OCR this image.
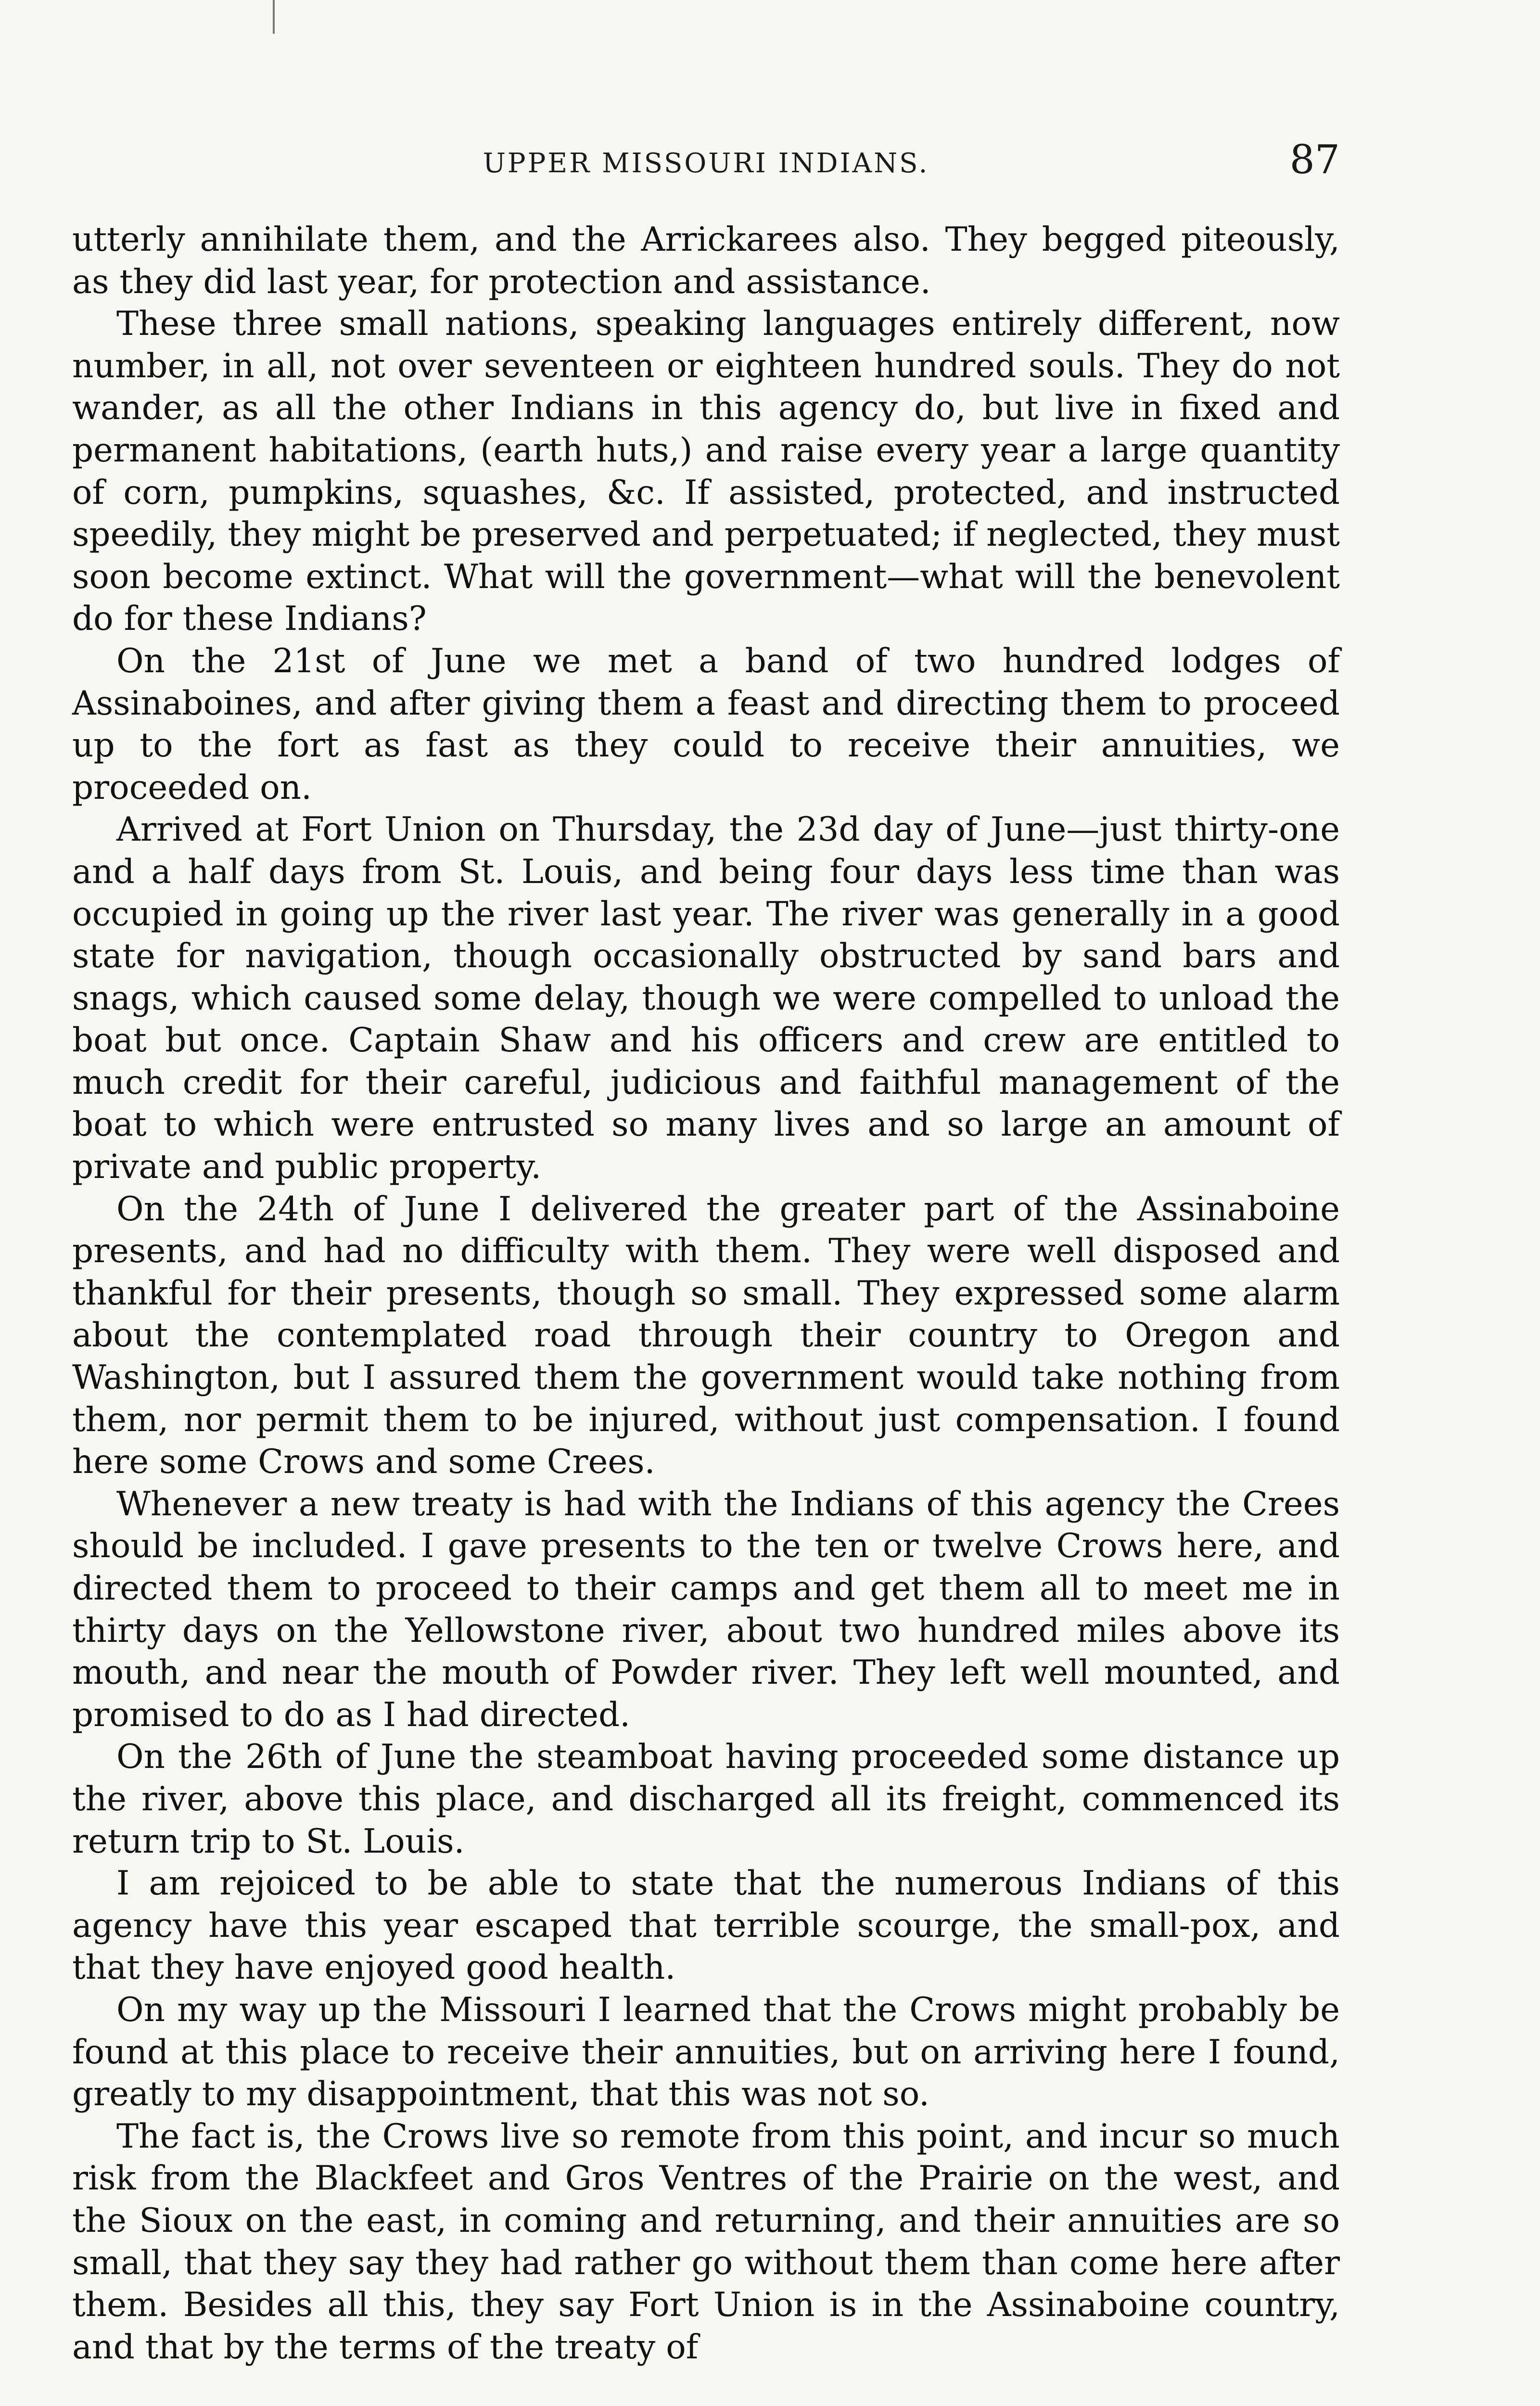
UPPER MISSOURI INDIANS.	87

utterly annihilate them, and the Arrickarees also. They begged piteously, as they did last year, for protection and assistance.

These three small nations, speaking languages entirely different, now number, in all, not over seventeen or eighteen hundred souls. They do not wander, as all the other Indians in this agency do, but live in fixed and permanent habitations, (earth huts,) and raise every year a large quantity of corn, pumpkins, squashes, &c. If assisted, protected, and instructed speedily, they might be preserved and perpetuated; if neglected, they must soon become extinct. What will the government—what will the benevolent do for these Indians?

On the 21st of June we met a band of two hundred lodges of Assinaboines, and after giving them a feast and directing them to proceed up to the fort as fast as they could to receive their annuities, we proceeded on.

Arrived at Fort Union on Thursday, the 23d day of June—just thirty-one and a half days from St. Louis, and being four days less time than was occupied in going up the river last year. The river was generally in a good state for navigation, though occasionally obstructed by sand bars and snags, which caused some delay, though we were compelled to unload the boat but once. Captain Shaw and his officers and crew are entitled to much credit for their careful, judicious and faithful management of the boat to which were entrusted so many lives and so large an amount of private and public property.

On the 24th of June I delivered the greater part of the Assinaboine presents, and had no difficulty with them. They were well disposed and thankful for their presents, though so small. They expressed some alarm about the contemplated road through their country to Oregon and Washington, but I assured them the government would take nothing from them, nor permit them to be injured, without just compensation. I found here some Crows and some Crees.

Whenever a new treaty is had with the Indians of this agency the Crees should be included. I gave presents to the ten or twelve Crows here, and directed them to proceed to their camps and get them all to meet me in thirty days on the Yellowstone river, about two hundred miles above its mouth, and near the mouth of Powder river. They left well mounted, and promised to do as I had directed.

On the 26th of June the steamboat having proceeded some distance up the river, above this place, and discharged all its freight, commenced its return trip to St. Louis.

I am rejoiced to be able to state that the numerous Indians of this agency have this year escaped that terrible scourge, the small-pox, and that they have enjoyed good health.

On my way up the Missouri I learned that the Crows might probably be found at this place to receive their annuities, but on arriving here I found, greatly to my disappointment, that this was not so.

The fact is, the Crows live so remote from this point, and incur so much risk from the Blackfeet and Gros Ventres of the Prairie on the west, and the Sioux on the east, in coming and returning, and their annuities are so small, that they say they had rather go without them than come here after them. Besides all this, they say Fort Union is in the Assinaboine country, and that by the terms of the treaty of
